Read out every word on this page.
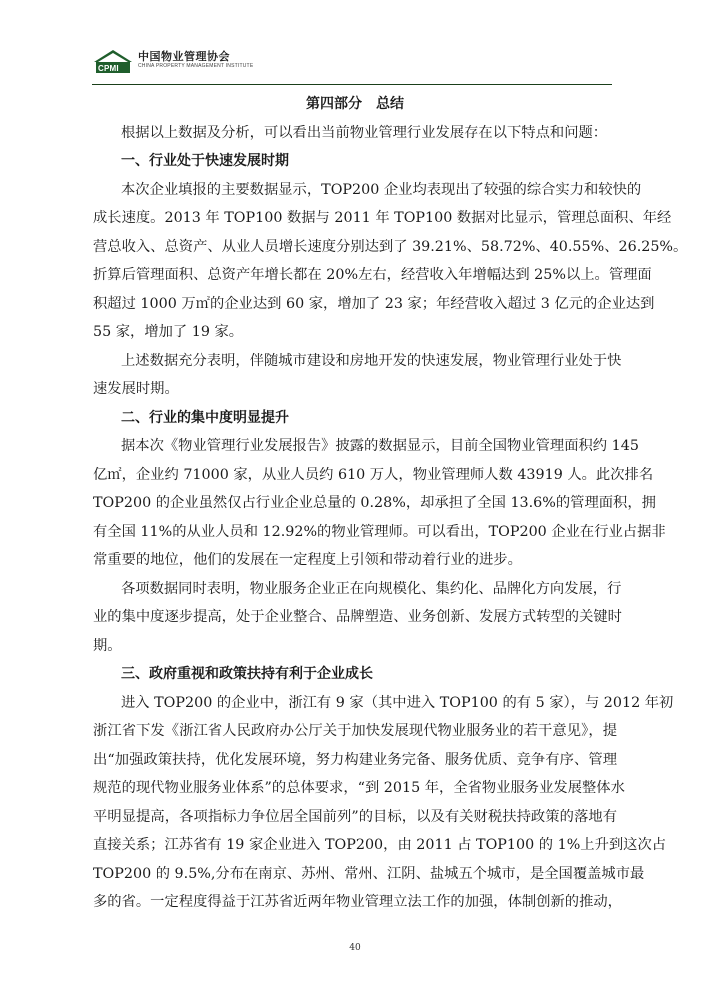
CPMI
中国物业管理协会
CHINA PROPERTY MANAGEMENT INSTITUTE

第四部分　总结

根据以上数据及分析，可以看出当前物业管理行业发展存在以下特点和问题：

一、行业处于快速发展时期

本次企业填报的主要数据显示，TOP200 企业均表现出了较强的综合实力和较快的

成长速度。2013 年 TOP100 数据与 2011 年 TOP100 数据对比显示，管理总面积、年经

营总收入、总资产、从业人员增长速度分别达到了 39.21%、58.72%、40.55%、26.25%。

折算后管理面积、总资产年增长都在 20%左右，经营收入年增幅达到 25%以上。管理面

积超过 1000 万㎡的企业达到 60 家，增加了 23 家；年经营收入超过 3 亿元的企业达到

55 家，增加了 19 家。

上述数据充分表明，伴随城市建设和房地开发的快速发展，物业管理行业处于快

速发展时期。

二、行业的集中度明显提升

据本次《物业管理行业发展报告》披露的数据显示，目前全国物业管理面积约 145

亿㎡，企业约 71000 家，从业人员约 610 万人，物业管理师人数 43919 人。此次排名

TOP200 的企业虽然仅占行业企业总量的 0.28%，却承担了全国 13.6%的管理面积，拥

有全国 11%的从业人员和 12.92%的物业管理师。可以看出，TOP200 企业在行业占据非

常重要的地位，他们的发展在一定程度上引领和带动着行业的进步。

各项数据同时表明，物业服务企业正在向规模化、集约化、品牌化方向发展，行

业的集中度逐步提高，处于企业整合、品牌塑造、业务创新、发展方式转型的关键时

期。

三、政府重视和政策扶持有利于企业成长

进入 TOP200 的企业中，浙江有 9 家（其中进入 TOP100 的有 5 家），与 2012 年初

浙江省下发《浙江省人民政府办公厅关于加快发展现代物业服务业的若干意见》，提

出“加强政策扶持，优化发展环境，努力构建业务完备、服务优质、竞争有序、管理

规范的现代物业服务业体系”的总体要求，“到 2015 年，全省物业服务业发展整体水

平明显提高，各项指标力争位居全国前列”的目标，以及有关财税扶持政策的落地有

直接关系；江苏省有 19 家企业进入 TOP200，由 2011 占 TOP100 的 1%上升到这次占

TOP200 的 9.5%,分布在南京、苏州、常州、江阴、盐城五个城市，是全国覆盖城市最

多的省。一定程度得益于江苏省近两年物业管理立法工作的加强，体制创新的推动，

40
